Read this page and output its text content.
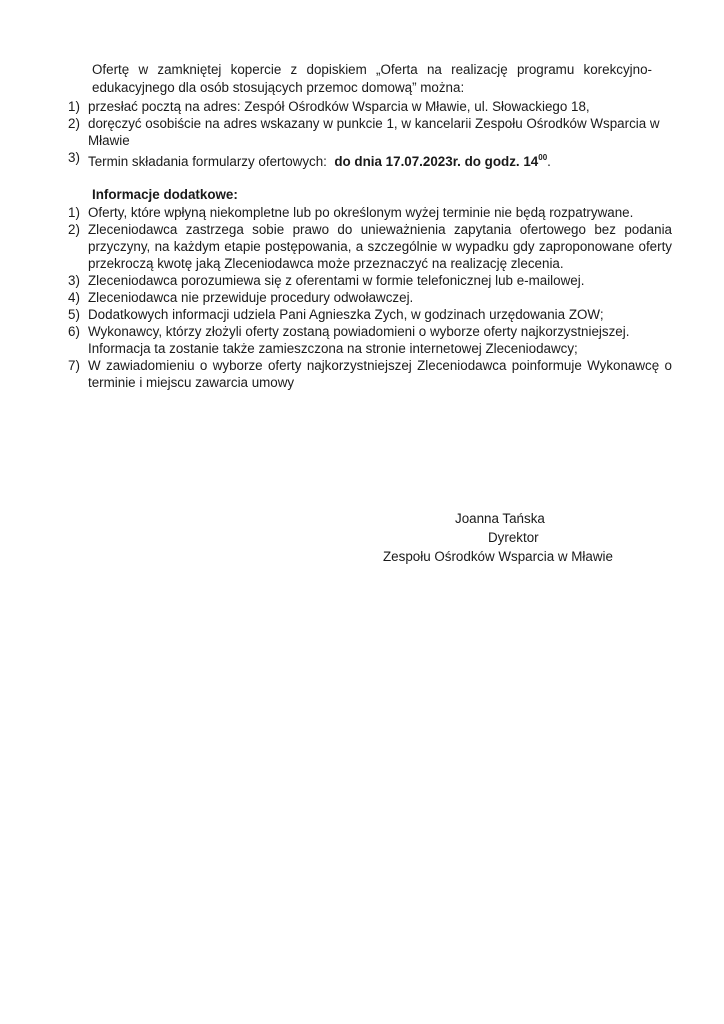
Ofertę w zamkniętej kopercie z dopiskiem „Oferta na realizację programu korekcyjno-
edukacyjnego dla osób stosujących przemoc domową” można:
1) przesłać pocztą na adres: Zespół Ośrodków Wsparcia w Mławie, ul. Słowackiego 18,
2) doręczyć osobiście na adres wskazany w punkcie 1, w kancelarii Zespołu Ośrodków Wsparcia w Mławie
3) Termin składania formularzy ofertowych: do dnia 17.07.2023r. do godz. $14^{00}$.
Informacje dodatkowe:
1) Oferty, które wpłyną niekompletne lub po określonym wyżej terminie nie będą rozpatrywane.
2) Zleceniodawca zastrzega sobie prawo do unieważnienia zapytania ofertowego bez podania przyczyny, na każdym etapie postępowania, a szczególnie w wypadku gdy zaproponowane oferty przekroczą kwotę jaką Zleceniodawca może przeznaczyć na realizację zlecenia.
3) Zleceniodawca porozumiewa się z oferentami w formie telefonicznej lub e-mailowej.
4) Zleceniodawca nie przewiduje procedury odwoławczej.
5) Dodatkowych informacji udziela Pani Agnieszka Zych, w godzinach urzędowania ZOW;
6) Wykonawcy, którzy złożyli oferty zostaną powiadomieni o wyborze oferty najkorzystniejszej. Informacja ta zostanie także zamieszczona na stronie internetowej Zleceniodawcy;
7) W zawiadomieniu o wyborze oferty najkorzystniejszej Zleceniodawca poinformuje Wykonawcę o terminie i miejscu zawarcia umowy
Joanna Tańska
Dyrektor
Zespołu Ośrodków Wsparcia w Mławie
